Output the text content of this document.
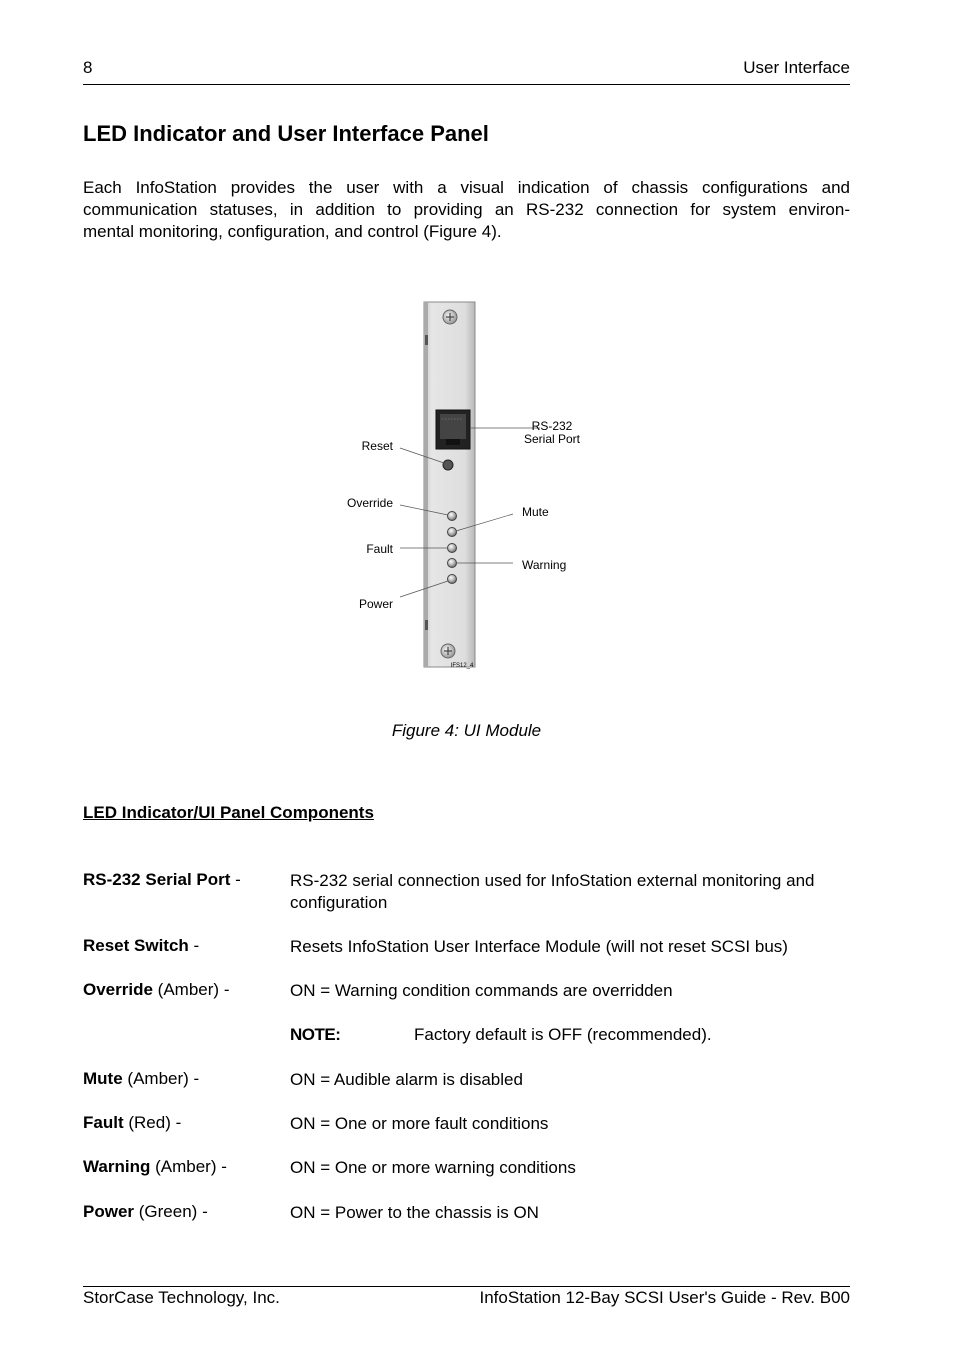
8	User Interface
LED Indicator and User Interface Panel

Each InfoStation provides the user with a visual indication of chassis configurations and
communication statuses, in addition to providing an RS-232 connection for system environ-
mental monitoring, configuration, and control (Figure 4).

RS-232
Serial Port
Reset
Override
Mute
Fault
Warning
Power
IFS12_4
Figure 4: UI Module
LED Indicator/UI Panel Components
RS-232 Serial Port -	RS-232 serial connection used for InfoStation external monitoring and configuration
Reset Switch -	Resets InfoStation User Interface Module (will not reset SCSI bus)
Override (Amber) -	ON = Warning condition commands are overridden
NOTE:	Factory default is OFF (recommended).
Mute (Amber) -	ON = Audible alarm is disabled
Fault (Red) -	ON = One or more fault conditions
Warning (Amber) -	ON = One or more warning conditions
Power (Green) -	ON = Power to the chassis is ON
StorCase Technology, Inc.	InfoStation 12-Bay SCSI User's Guide - Rev. B00
